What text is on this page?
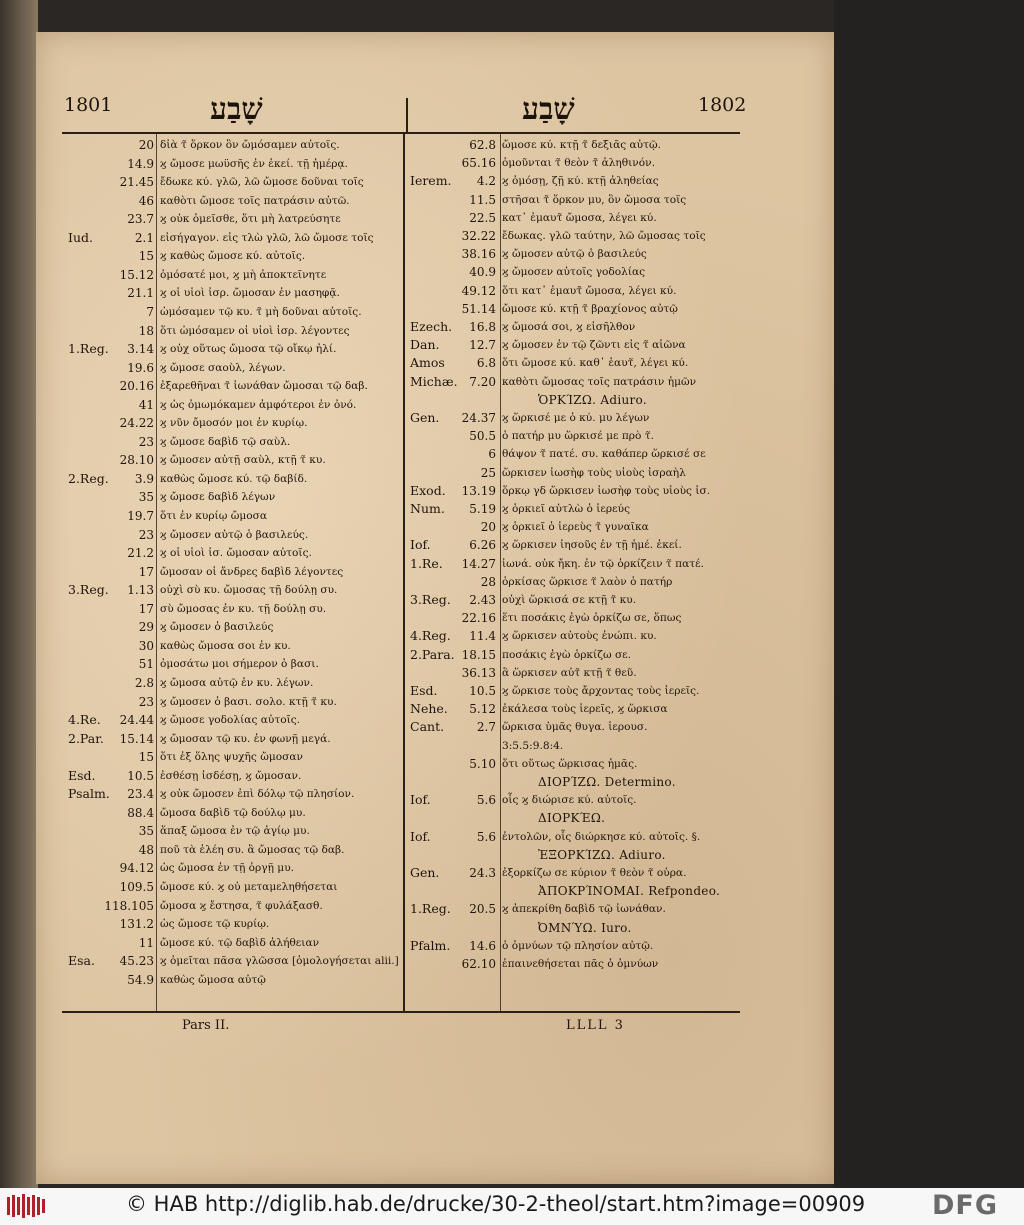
1801	שָׁבַע	שָׁבַע	1802
20 δἰὰ τ̃ ὅρκον ὃν ὤμόσαμεν αὐτοῖς.
14.9 ϗ ὤμοσε μωϋσῆς ἐν ἐκεί. τῇ ἡμέρᾳ.
21.45 ἔδωκε κύ. γλῶ, λῶ ὤμοσε δοῦναι τοῖς
46 καθὸτι ὤμοσε τοῖς πατράσιν αὐτῶ.
23.7 ϗ οὐκ ὀμεῖσθε, ὅτι μὴ λατρεύσητε
Iud.	2.1 εἰσήγαγον. εἰς τλὼ γλῶ, λῶ ὤμοσε τοῖς
15 ϗ καθὼς ὤμοσε κύ. αὐτοῖς.
15.12 ὀμόσατέ μοι, ϗ μὴ ἀποκτεῖνητε
21.1 ϗ οἱ υἱοὶ ἰσρ. ὤμοσαν ἐν μασηφᾷ.
7 ὠμόσαμεν τῷ κυ. τ̃ μὴ δοῦναι αὐτοῖς.
18 ὅτι ὠμόσαμεν οἱ υἱοὶ ἰσρ. λέγοντες
1.Reg.	3.14 ϗ οὐχ οὕτως ὤμοσα τῷ οἴκῳ ἠλί.
19.6 ϗ ὤμοσε σαοὺλ, λέγων.
20.16 ἐξαρεθῆναι τ̃ ἰωνάθαν ὤμοσαι τῷ δαβ.
41 ϗ ὡς ὀμωμόκαμεν ἀμφότεροι ἐν ὀνό.
24.22 ϗ νῦν ὄμοσόν μοι ἐν κυρίῳ.
23 ϗ ὤμοσε δαβὶδ τῷ σαὺλ.
28.10 ϗ ὤμοσεν αὐτῇ σαὺλ, κτῇ τ̃ κυ.
2.Reg.	3.9 καθὼς ὤμοσε κύ. τῷ δαβίδ.
35 ϗ ὤμοσε δαβὶδ λέγων
19.7 ὅτι ἐν κυρίῳ ὤμοσα
23 ϗ ὤμοσεν αὐτῷ ὁ βασιλεύς.
21.2 ϗ οἱ υἱοὶ ἰσ. ὤμοσαν αὐτοῖς.
17 ὤμοσαν οἱ ἄνδρες δαβὶδ λέγοντες
3.Reg.	1.13 οὐχὶ σὺ κυ. ὤμοσας τῇ δούλῃ συ.
17 σὺ ὤμοσας ἐν κυ. τῇ δούλῃ συ.
29 ϗ ὤμοσεν ὁ βασιλεύς
30 καθὼς ὤμοσα σοι ἐν κυ.
51 ὀμοσάτω μοι σήμερον ὁ βασι.
2.8 ϗ ὤμοσα αὐτῷ ἐν κυ. λέγων.
23 ϗ ὤμοσεν ὁ βασι. σολο. κτῇ τ̃ κυ.
4.Re.	24.44 ϗ ὤμοσε γοδολίας αὐτοῖς.
2.Par.	15.14 ϗ ὤμοσαν τῷ κυ. ἐν φωνῇ μεγά.
15 ὅτι ἐξ ὅλης ψυχῆς ὤμοσαν
Esd.	10.5 ἐσθέσῃ ἰσδέσῃ, ϗ ὤμοσαν.
Psalm.	23.4 ϗ οὐκ ὤμοσεν ἐπὶ δόλῳ τῷ πλησίον.
88.4 ὤμοσα δαβὶδ τῷ δούλῳ μυ.
35 ἅπαξ ὤμοσα ἐν τῷ ἁγίῳ μυ.
48 ποῦ τὰ ἐλέη συ. ἃ ὤμοσας τῷ δαβ.
94.12 ὡς ὤμοσα ἐν τῇ ὀργῇ μυ.
109.5 ὤμοσε κύ. ϗ οὐ μεταμεληθήσεται
118.105 ὤμοσα ϗ ἔστησα, τ̃ φυλάξασθ.
131.2 ὡς ὤμοσε τῷ κυρίῳ.
11 ὤμοσε κύ. τῷ δαβὶδ ἀλήθειαν
Esa.	45.23 ϗ ὀμεῖται πᾶσα γλῶσσα [ὁμολογήσεται alii.]
54.9 καθὼς ὤμοσα αὐτῷ
62.8 ὤμοσε κύ. κτῇ τ̃ δεξιᾶς αὐτῷ.
65.16 ὀμοῦνται τ̃ θεὸν τ̃ ἀληθινόν.
Ierem.	4.2 ϗ ὀμόσῃ, ζῇ κύ. κτῇ ἀληθείας
11.5 στῆσαι τ̃ ὅρκον μυ, ὃν ὤμοσα τοῖς
22.5 κατ᾽ ἐμαυτ̃ ὤμοσα, λέγει κύ.
32.22 ἔδωκας. γλῶ ταύτην, λῶ ὤμοσας τοῖς
38.16 ϗ ὤμοσεν αὐτῷ ὁ βασιλεύς
40.9 ϗ ὤμοσεν αὐτοῖς γοδολίας
49.12 ὅτι κατ᾽ ἐμαυτ̃ ὤμοσα, λέγει κύ.
51.14 ὤμοσε κύ. κτῇ τ̃ βραχίονος αὐτῷ
Ezech.	16.8 ϗ ὤμοσά σοι, ϗ εἰσῆλθον
Dan.	12.7 ϗ ὤμοσεν ἐν τῷ ζῶντι εἰς τ̃ αἰῶνα
Amos	6.8 ὅτι ὤμοσε κύ. καθ᾽ ἑαυτ̃, λέγει κύ.
Michæ. 7.20 καθὸτι ὤμοσας τοῖς πατράσιν ἡμῶν
ὉΡΚΊΖΩ. Adiuro.
Gen.	24.37 ϗ ὥρκισέ με ὁ κύ. μυ λέγων
50.5 ὁ πατήρ μυ ὥρκισέ με πρὸ τ̃.
6 θάψον τ̃ πατέ. συ. καθάπερ ὥρκισέ σε
25 ὥρκισεν ἰωσὴφ τοὺς υἱοὺς ἰσραὴλ
Exod.	13.19 ὅρκῳ γδ ὥρκισεν ἰωσὴφ τοὺς υἱοὺς ἰσ.
Num.	5.19 ϗ ὁρκιεῖ αὐτλὼ ὁ ἱερεύς
20 ϗ ὁρκιεῖ ὁ ἱερεὺς τ̃ γυναῖκα
Iof.	6.26 ϗ ὥρκισεν ἰησοῦς ἐν τῇ ἡμέ. ἐκεί.
1.Re.	14.27 ἰωνά. οὐκ ἤκη. ἐν τῷ ὁρκίζειν τ̃ πατέ.
28 ὁρκίσας ὥρκισε τ̃ λαὸν ὁ πατήρ
3.Reg.	2.43 οὐχὶ ὥρκισά σε κτῇ τ̃ κυ.
22.16 ἕτι ποσάκις ἐγὼ ὁρκίζω σε, ὅπως
4.Reg.	11.4 ϗ ὥρκισεν αὐτοὺς ἐνώπι. κυ.
2.Para. 18.15 ποσάκις ἐγὼ ὁρκίζω σε.
36.13 ἃ ὥρκισεν αὐτ̃ κτῇ τ̃ θεῦ.
Esd.	10.5 ϗ ὥρκισε τοὺς ἄρχοντας τοὺς ἱερεῖς.
Nehe.	5.12 ἐκάλεσα τοὺς ἱερεῖς, ϗ ὥρκισα
Cant.	2.7 ὥρκισα ὑμᾶς θυγα. ἱερουσ.
3:5.5:9.8:4.
5.10 ὅτι οὕτως ὥρκισας ἡμᾶς.
ΔΙΟΡΊΖΩ. Determino.
Iof.	5.6 οἷς ϗ διώρισε κύ. αὐτοῖς.
ΔΙΟΡΚΈΩ.
Iof.	5.6 ἐντολῶν, οἷς διώρκησε κύ. αὐτοῖς. §.
ἘΞΟΡΚΊΖΩ. Adiuro.
Gen.	24.3 ἐξορκίζω σε κύριον τ̃ θεὸν τ̃ οὐρα.
ἈΠΟΚΡΊΝΟΜΑΙ. Refpondeo.
1.Reg.	20.5 ϗ ἀπεκρίθη δαβὶδ τῷ ἰωνάθαν.
ὈΜΝΎΩ. Iuro.
Pfalm.	14.6 ὁ ὀμνύων τῷ πλησίον αὐτῷ.
62.10 ἐπαινεθήσεται πᾶς ὁ ὀμνύων
Pars II.	LLLL 3
© HAB http://diglib.hab.de/drucke/30-2-theol/start.htm?image=00909 DFG
